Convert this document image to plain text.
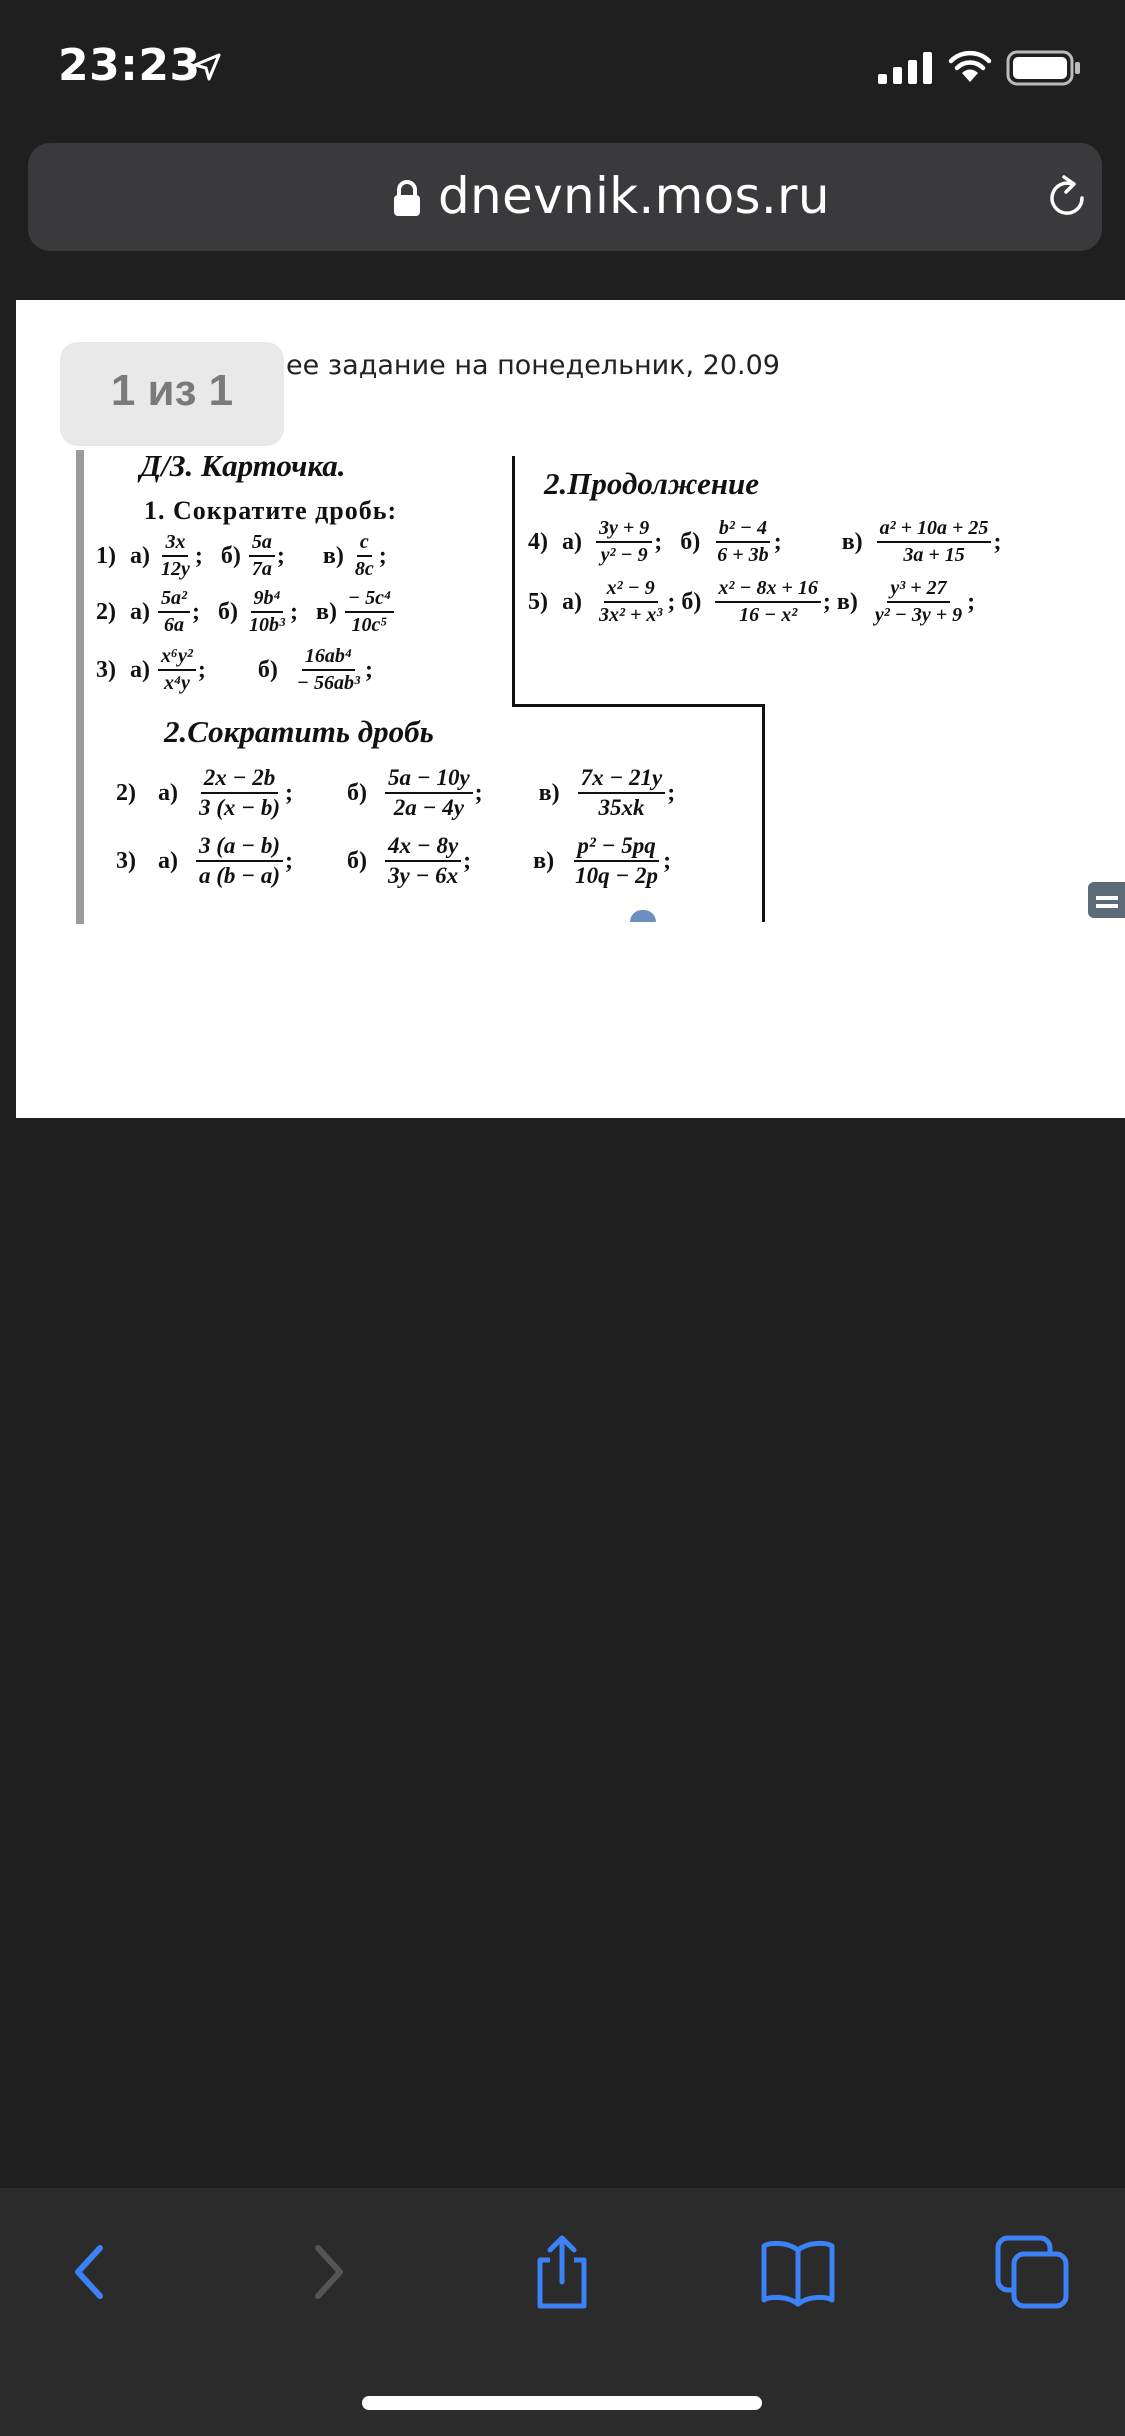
23:23
dnevnik.mos.ru
ее задание на понедельник, 20.09
1 из 1
Д/З. Карточка.
1. Сократите дробь:
2.Продолжение
2.Сократить дробь
1) $а) \frac{3x}{12y}$ ; $б) \frac{5a}{7a}$ ; $в) \frac{c}{8c}$ ;
2) $а) \frac{\text{5a²}}{6a}$ ; $б) \frac{\text{9b⁴}}{\text{10b³}}$ ; $в) \frac{\text{− 5c⁴}}{\text{10c⁵}}$
3) $а) \frac{\text{x⁶y²}}{\text{x⁴y}}$ ; $б) \frac{\text{16ab⁴}}{\text{− 56ab³}}$ ;
4) $а) \frac{3y + 9}{\text{y² − 9}}$ ; $б) \frac{\text{b² − 4}}{6 + 3b}$ ;	$в) \frac{\text{a² + 10a + 25}}{3a + 15}$ ;
5) $а) \frac{\text{x² − 9}}{\text{3x² + x³}}$ ; $б) \frac{\text{x² − 8x + 16}}{\text{16 − x²}}$ ; $в) \frac{\text{y³ + 27}}{\text{y² − 3y + 9}}$ ;
2) $а) \frac{2x - 2b}{3 (x - b)}$ ; $б) \frac{5a - 10y}{2a - 4y}$ ; $в) \frac{7x - 21y}{35xk}$ ;
3) $а) \frac{3 (a - b)}{a (b - a)}$ ; $б) \frac{4x - 8y}{3y - 6x}$ ;	$в) \frac{\text{p² − 5pq}}{10q - 2p}$ ;
